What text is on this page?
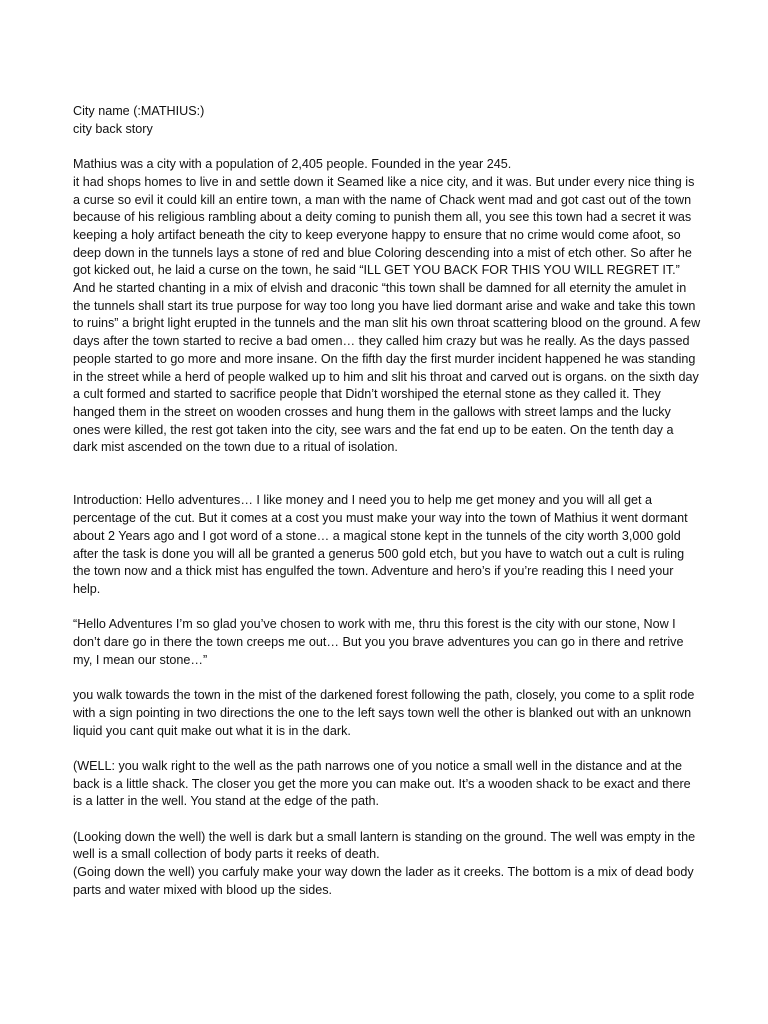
City name (:MATHIUS:)

city back story

Mathius was a city with a population of 2,405 people. Founded in the year 245.

it had shops homes to live in and settle down it Seamed like a nice city, and it was. But under every nice thing is a curse so evil it could kill an entire town, a man with the name of Chack went mad and got cast out of the town because of his religious rambling about a deity coming to punish them all, you see this town had a secret it was keeping a holy artifact beneath the city to keep everyone happy to ensure that no crime would come afoot, so deep down in the tunnels lays a stone of red and blue Coloring descending into a mist of etch other. So after he got kicked out, he laid a curse on the town, he said “ILL GET YOU BACK FOR THIS YOU WILL REGRET IT.” And he started chanting in a mix of elvish and draconic “this town shall be damned for all eternity the amulet in the tunnels shall start its true purpose for way too long you have lied dormant arise and wake and take this town to ruins” a bright light erupted in the tunnels and the man slit his own throat scattering blood on the ground. A few days after the town started to recive a bad omen… they called him crazy but was he really. As the days passed people started to go more and more insane. On the fifth day the first murder incident happened he was standing in the street while a herd of people walked up to him and slit his throat and carved out is organs. on the sixth day a cult formed and started to sacrifice people that Didn’t worshiped the eternal stone as they called it. They hanged them in the street on wooden crosses and hung them in the gallows with street lamps and the lucky ones were killed, the rest got taken into the city, see wars and the fat end up to be eaten. On the tenth day a dark mist ascended on the town due to a ritual of isolation.

Introduction: Hello adventures… I like money and I need you to help me get money and you will all get a percentage of the cut. But it comes at a cost you must make your way into the town of Mathius it went dormant about 2 Years ago and I got word of a stone… a magical stone kept in the tunnels of the city worth 3,000 gold after the task is done you will all be granted a generus 500 gold etch, but you have to watch out a cult is ruling the town now and a thick mist has engulfed the town. Adventure and hero’s if you’re reading this I need your help.

“Hello Adventures I’m so glad you’ve chosen to work with me, thru this forest is the city with our stone, Now I don’t dare go in there the town creeps me out… But you you brave adventures you can go in there and retrive my, I mean our stone…”

you walk towards the town in the mist of the darkened forest following the path, closely, you come to a split rode with a sign pointing in two directions the one to the left says town well the other is blanked out with an unknown liquid you cant quit make out what it is in the dark.

(WELL: you walk right to the well as the path narrows one of you notice a small well in the distance and at the back is a little shack. The closer you get the more you can make out. It’s a wooden shack to be exact and there is a latter in the well. You stand at the edge of the path.

(Looking down the well) the well is dark but a small lantern is standing on the ground. The well was empty in the well is a small collection of body parts it reeks of death.

(Going down the well) you carfuly make your way down the lader as it creeks. The bottom is a mix of dead body parts and water mixed with blood up the sides.
